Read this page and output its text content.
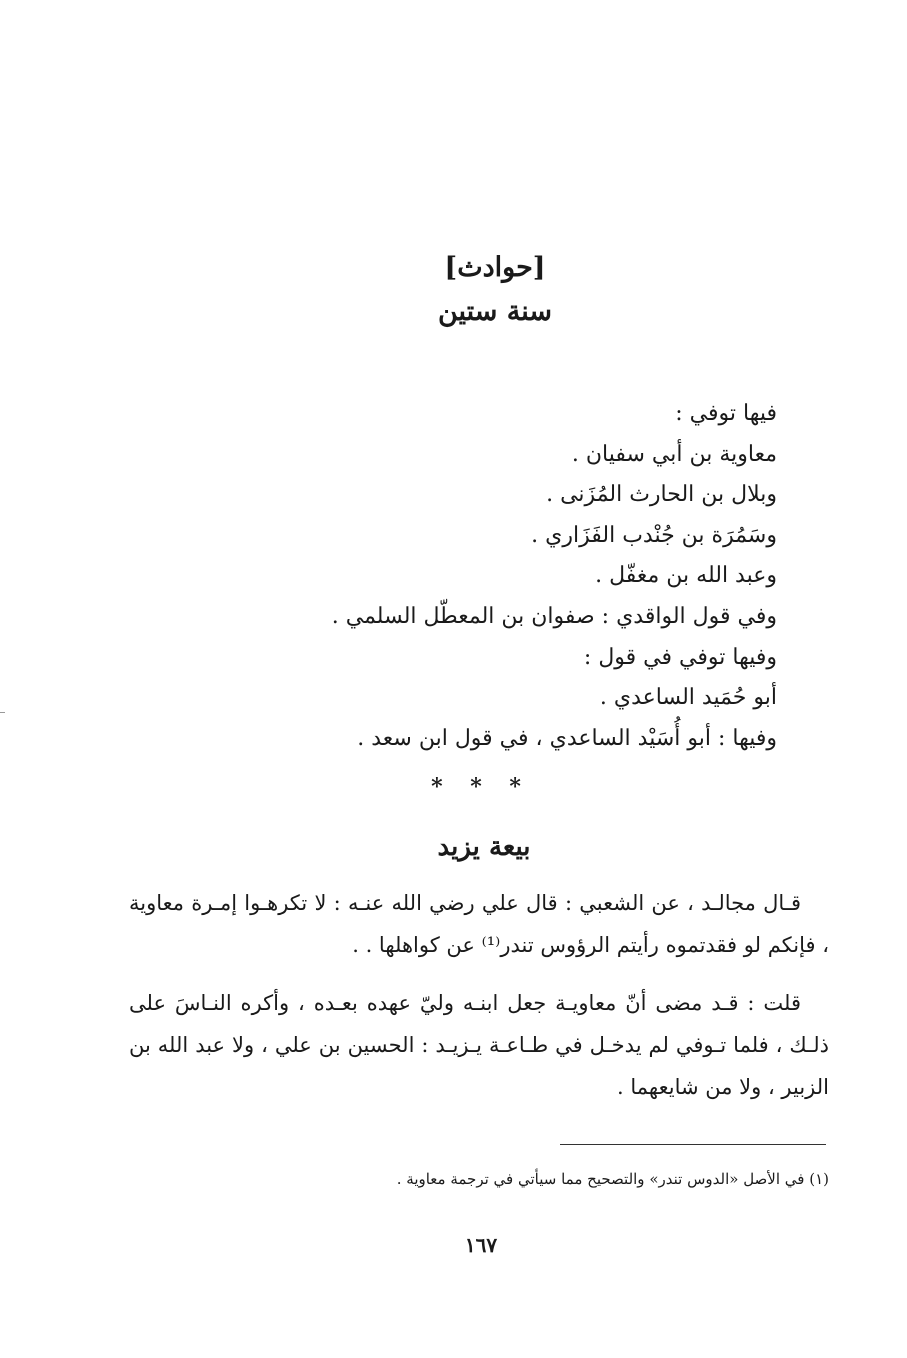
[حوادث]
سنة ستين
فيها توفي :
معاوية بن أبي سفيان .
وبلال بن الحارث المُزَنى .
وسَمُرَة بن جُنْدب الفَزَاري .
وعبد الله بن مغفّل .
وفي قول الواقدي : صفوان بن المعطّل السلمي .
وفيها توفي في قول :
أبو حُمَيد الساعدي .
وفيها : أبو أُسَيْد الساعدي ، في قول ابن سعد .
* * *
بيعة يزيد

قـال مجالـد ، عن الشعبي : قال علي رضي الله عنـه : لا تكرهـوا إمـرة معاوية ، فإنكم لو فقدتموه رأيتم الرؤوس تندر⁽¹⁾ عن كواهلها . .

قلت : قـد مضى أنّ معاويـة جعل ابنـه وليّ عهده بعـده ، وأكره النـاسَ على ذلـك ، فلما تـوفي لم يدخـل في طـاعـة يـزيـد : الحسين بن علي ، ولا عبد الله بن الزبير ، ولا من شايعهما .

(١) في الأصل «الدوس تندر» والتصحيح مما سيأتي في ترجمة معاوية .
١٦٧
